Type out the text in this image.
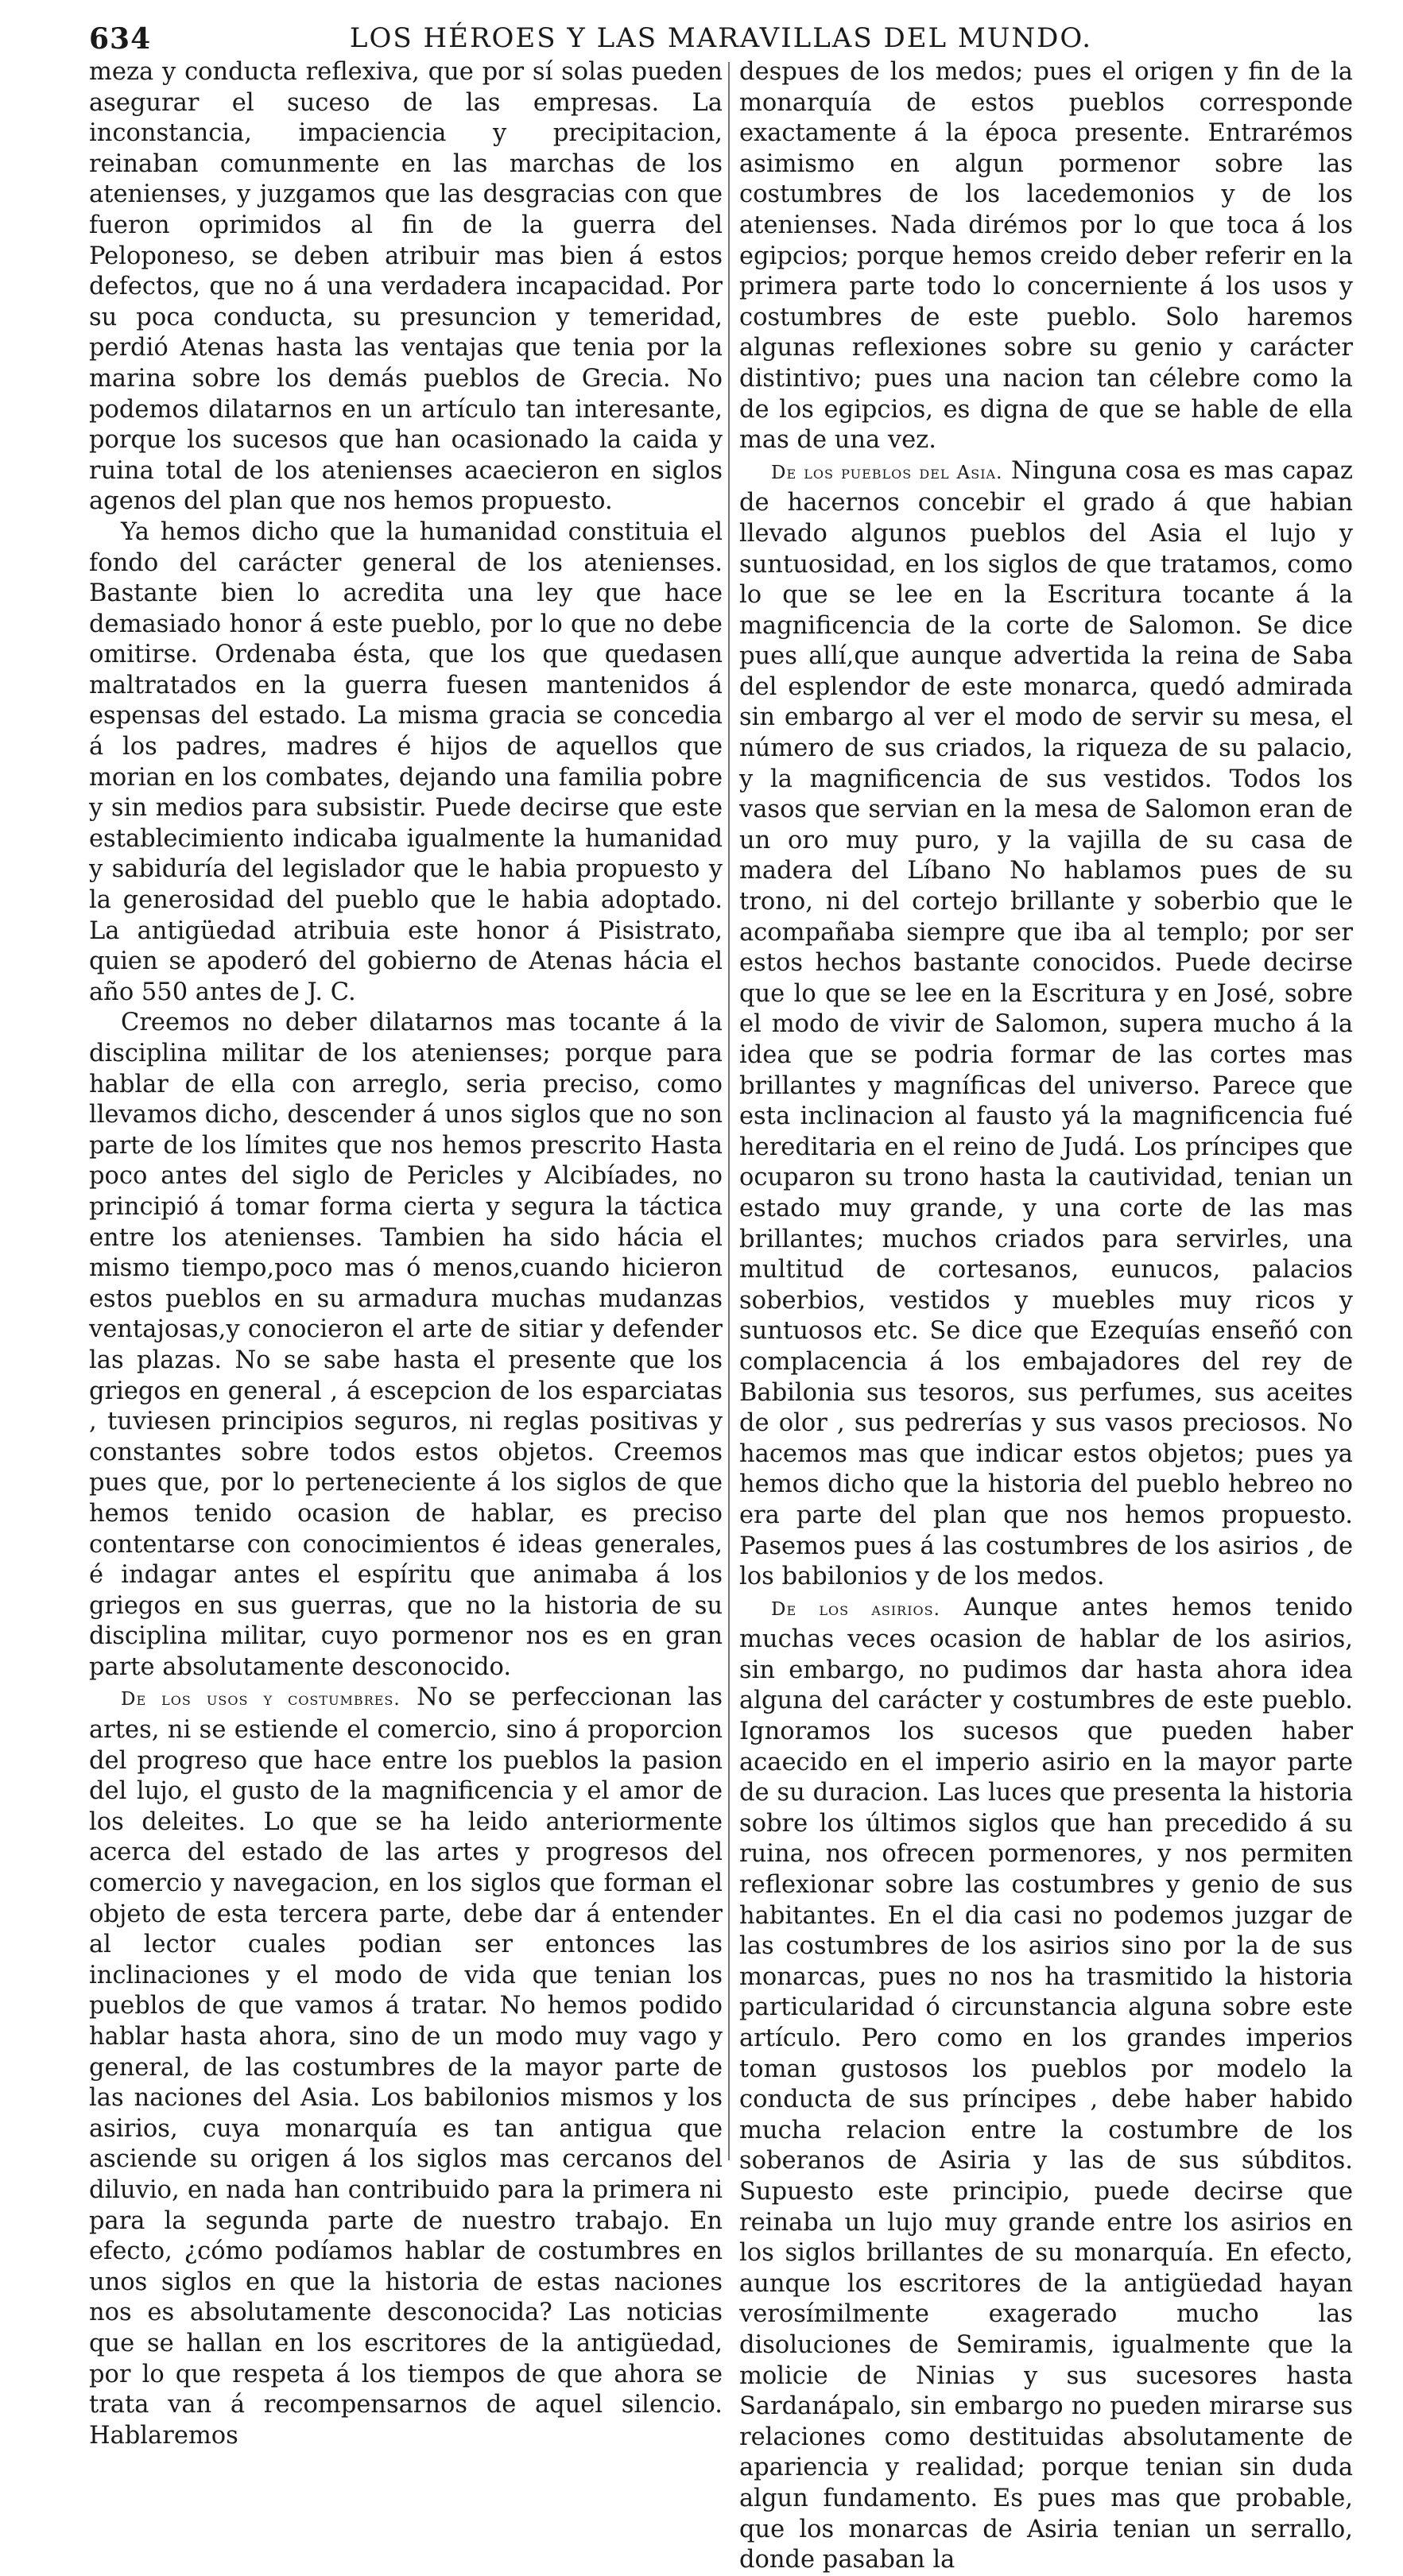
634	LOS HÉROES Y LAS MARAVILLAS DEL MUNDO.

meza y conducta reflexiva, que por sí solas pueden asegurar el suceso de las empresas. La inconstancia, impaciencia y precipitacion, reinaban comunmente en las marchas de los atenienses, y juzgamos que las desgracias con que fueron oprimidos al fin de la guerra del Peloponeso, se deben atribuir mas bien á estos defectos, que no á una verdadera incapacidad. Por su poca conducta, su presuncion y temeridad, perdió Atenas hasta las ventajas que tenia por la marina sobre los demás pueblos de Grecia. No podemos dilatarnos en un artículo tan interesante, porque los sucesos que han ocasionado la caida y ruina total de los atenienses acaecieron en siglos agenos del plan que nos hemos propuesto.

Ya hemos dicho que la humanidad constituia el fondo del carácter general de los atenienses. Bastante bien lo acredita una ley que hace demasiado honor á este pueblo, por lo que no debe omitirse. Ordenaba ésta, que los que quedasen maltratados en la guerra fuesen mantenidos á espensas del estado. La misma gracia se concedia á los padres, madres é hijos de aquellos que morian en los combates, dejando una familia pobre y sin medios para subsistir. Puede decirse que este establecimiento indicaba igualmente la humanidad y sabiduría del legislador que le habia propuesto y la generosidad del pueblo que le habia adoptado. La antigüedad atribuia este honor á Pisistrato, quien se apoderó del gobierno de Atenas hácia el año 550 antes de J. C.

Creemos no deber dilatarnos mas tocante á la disciplina militar de los atenienses; porque para hablar de ella con arreglo, seria preciso, como llevamos dicho, descender á unos siglos que no son parte de los límites que nos hemos prescrito Hasta poco antes del siglo de Pericles y Alcibíades, no principió á tomar forma cierta y segura la táctica entre los atenienses. Tambien ha sido hácia el mismo tiempo,poco mas ó menos,cuando hicieron estos pueblos en su armadura muchas mudanzas ventajosas,y conocieron el arte de sitiar y defender las plazas. No se sabe hasta el presente que los griegos en general , á escepcion de los esparciatas , tuviesen principios seguros, ni reglas positivas y constantes sobre todos estos objetos. Creemos pues que, por lo perteneciente á los siglos de que hemos tenido ocasion de hablar, es preciso contentarse con conocimientos é ideas generales, é indagar antes el espíritu que animaba á los griegos en sus guerras, que no la historia de su disciplina militar, cuyo pormenor nos es en gran parte absolutamente desconocido.

De los usos y costumbres. No se perfeccionan las artes, ni se estiende el comercio, sino á proporcion del progreso que hace entre los pueblos la pasion del lujo, el gusto de la magnificencia y el amor de los deleites. Lo que se ha leido anteriormente acerca del estado de las artes y progresos del comercio y navegacion, en los siglos que forman el objeto de esta tercera parte, debe dar á entender al lector cuales podian ser entonces las inclinaciones y el modo de vida que tenian los pueblos de que vamos á tratar. No hemos podido hablar hasta ahora, sino de un modo muy vago y general, de las costumbres de la mayor parte de las naciones del Asia. Los babilonios mismos y los asirios, cuya monarquía es tan antigua que asciende su origen á los siglos mas cercanos del diluvio, en nada han contribuido para la primera ni para la segunda parte de nuestro trabajo. En efecto, ¿cómo podíamos hablar de costumbres en unos siglos en que la historia de estas naciones nos es absolutamente desconocida? Las noticias que se hallan en los escritores de la antigüedad, por lo que respeta á los tiempos de que ahora se trata van á recompensarnos de aquel silencio. Hablaremos

despues de los medos; pues el origen y fin de la monarquía de estos pueblos corresponde exactamente á la época presente. Entrarémos asimismo en algun pormenor sobre las costumbres de los lacedemonios y de los atenienses. Nada dirémos por lo que toca á los egipcios; porque hemos creido deber referir en la primera parte todo lo concerniente á los usos y costumbres de este pueblo. Solo haremos algunas reflexiones sobre su genio y carácter distintivo; pues una nacion tan célebre como la de los egipcios, es digna de que se hable de ella mas de una vez.

De los pueblos del Asia. Ninguna cosa es mas capaz de hacernos concebir el grado á que habian llevado algunos pueblos del Asia el lujo y suntuosidad, en los siglos de que tratamos, como lo que se lee en la Escritura tocante á la magnificencia de la corte de Salomon. Se dice pues allí,que aunque advertida la reina de Saba del esplendor de este monarca, quedó admirada sin embargo al ver el modo de servir su mesa, el número de sus criados, la riqueza de su palacio, y la magnificencia de sus vestidos. Todos los vasos que servian en la mesa de Salomon eran de un oro muy puro, y la vajilla de su casa de madera del Líbano No hablamos pues de su trono, ni del cortejo brillante y soberbio que le acompañaba siempre que iba al templo; por ser estos hechos bastante conocidos. Puede decirse que lo que se lee en la Escritura y en José, sobre el modo de vivir de Salomon, supera mucho á la idea que se podria formar de las cortes mas brillantes y magníficas del universo. Parece que esta inclinacion al fausto yá la magnificencia fué hereditaria en el reino de Judá. Los príncipes que ocuparon su trono hasta la cautividad, tenian un estado muy grande, y una corte de las mas brillantes; muchos criados para servirles, una multitud de cortesanos, eunucos, palacios soberbios, vestidos y muebles muy ricos y suntuosos etc. Se dice que Ezequías enseñó con complacencia á los embajadores del rey de Babilonia sus tesoros, sus perfumes, sus aceites de olor , sus pedrerías y sus vasos preciosos. No hacemos mas que indicar estos objetos; pues ya hemos dicho que la historia del pueblo hebreo no era parte del plan que nos hemos propuesto. Pasemos pues á las costumbres de los asirios , de los babilonios y de los medos.

De los asirios. Aunque antes hemos tenido muchas veces ocasion de hablar de los asirios, sin embargo, no pudimos dar hasta ahora idea alguna del carácter y costumbres de este pueblo. Ignoramos los sucesos que pueden haber acaecido en el imperio asirio en la mayor parte de su duracion. Las luces que presenta la historia sobre los últimos siglos que han precedido á su ruina, nos ofrecen pormenores, y nos permiten reflexionar sobre las costumbres y genio de sus habitantes. En el dia casi no podemos juzgar de las costumbres de los asirios sino por la de sus monarcas, pues no nos ha trasmitido la historia particularidad ó circunstancia alguna sobre este artículo. Pero como en los grandes imperios toman gustosos los pueblos por modelo la conducta de sus príncipes , debe haber habido mucha relacion entre la costumbre de los soberanos de Asiria y las de sus súbditos. Supuesto este principio, puede decirse que reinaba un lujo muy grande entre los asirios en los siglos brillantes de su monarquía. En efecto, aunque los escritores de la antigüedad hayan verosímilmente exagerado mucho las disoluciones de Semiramis, igualmente que la molicie de Ninias y sus sucesores hasta Sardanápalo, sin embargo no pueden mirarse sus relaciones como destituidas absolutamente de apariencia y realidad; porque tenian sin duda algun fundamento. Es pues mas que probable, que los monarcas de Asiria tenian un serrallo, donde pasaban la
